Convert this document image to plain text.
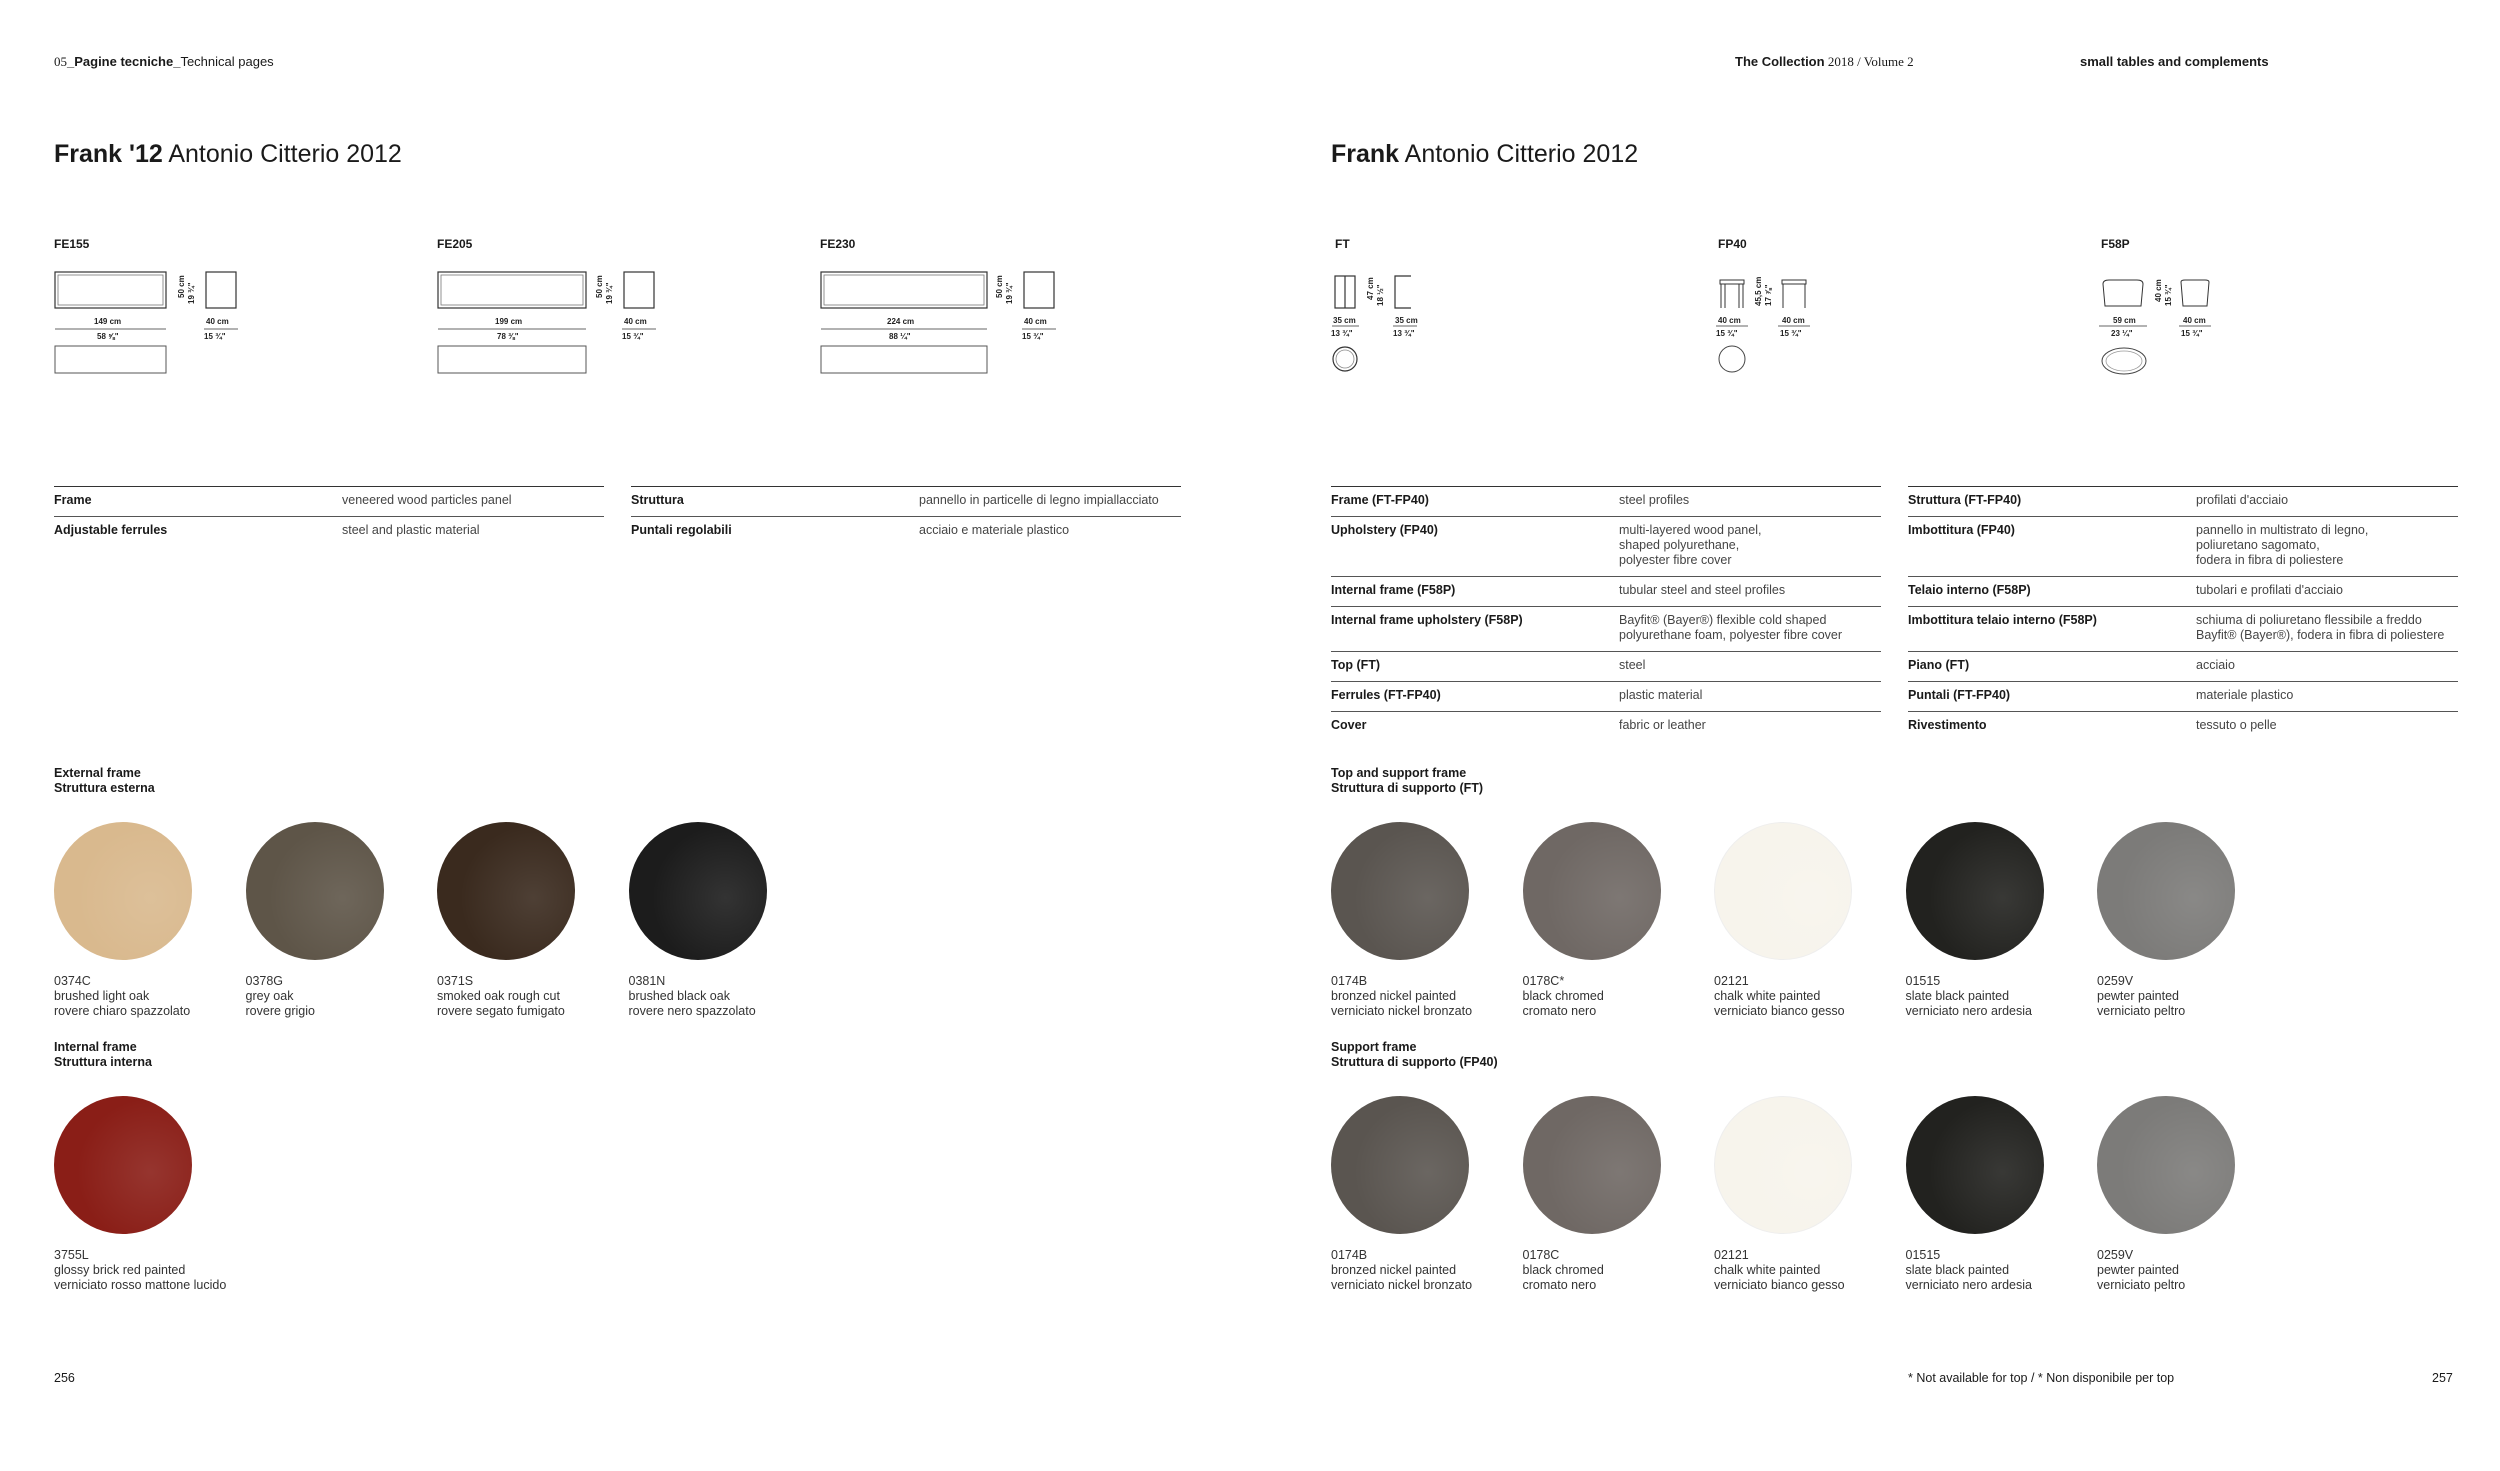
05_Pagine tecniche_Technical pages	The Collection 2018 / Volume 2	small tables and complements
Frank '12 Antonio Citterio 2012	Frank Antonio Citterio 2012
FE155	FE205	FE230
149 cm
58 ⅝"
50 cm 19 ¾"
40 cm
15 ¾"
199 cm
78 ⅜"
50 cm 19 ¾"
40 cm
15 ¾"
224 cm
88 ¼"
50 cm 19 ¾"
40 cm
15 ¾"
FT	FP40	F58P
47 cm 18 ½"
35 cm
13 ¾"
35 cm
13 ¾"
45,5 cm 17 ⅞"
40 cm
15 ¾"
40 cm
15 ¾"
40 cm 15 ¾"
59 cm
23 ¼"
40 cm
15 ¾"
Frame	veneered wood particles panel
Adjustable ferrules	steel and plastic material
Struttura	pannello in particelle di legno impiallacciato
Puntali regolabili	acciaio e materiale plastico
Frame (FT-FP40)	steel profiles
Upholstery (FP40)	multi-layered wood panel,
shaped polyurethane,
polyester fibre cover
Internal frame (F58P)	tubular steel and steel profiles
Internal frame upholstery (F58P)	Bayfit® (Bayer®) flexible cold shaped
polyurethane foam, polyester fibre cover
Top (FT)	steel
Ferrules (FT-FP40)	plastic material
Cover	fabric or leather
Struttura (FT-FP40)	profilati d'acciaio
Imbottitura (FP40)	pannello in multistrato di legno,
poliuretano sagomato,
fodera in fibra di poliestere
Telaio interno (F58P)	tubolari e profilati d'acciaio
Imbottitura telaio interno (F58P)	schiuma di poliuretano flessibile a freddo
Bayfit® (Bayer®), fodera in fibra di poliestere
Piano (FT)	acciaio
Puntali (FT-FP40)	materiale plastico
Rivestimento	tessuto o pelle
External frame
Struttura esterna
Internal frame
Struttura interna
Top and support frame
Struttura di supporto (FT)
Support frame
Struttura di supporto (FP40)
0374C
brushed light oak
rovere chiaro spazzolato
0378G
grey oak
rovere grigio
0371S
smoked oak rough cut
rovere segato fumigato
0381N
brushed black oak
rovere nero spazzolato
3755L
glossy brick red painted
verniciato rosso mattone lucido
0174B
bronzed nickel painted
verniciato nickel bronzato
0178C*
black chromed
cromato nero
02121
chalk white painted
verniciato bianco gesso
01515
slate black painted
verniciato nero ardesia
0259V
pewter painted
verniciato peltro
0174B
bronzed nickel painted
verniciato nickel bronzato
0178C
black chromed
cromato nero
02121
chalk white painted
verniciato bianco gesso
01515
slate black painted
verniciato nero ardesia
0259V
pewter painted
verniciato peltro
256	* Not available for top / * Non disponibile per top	257
